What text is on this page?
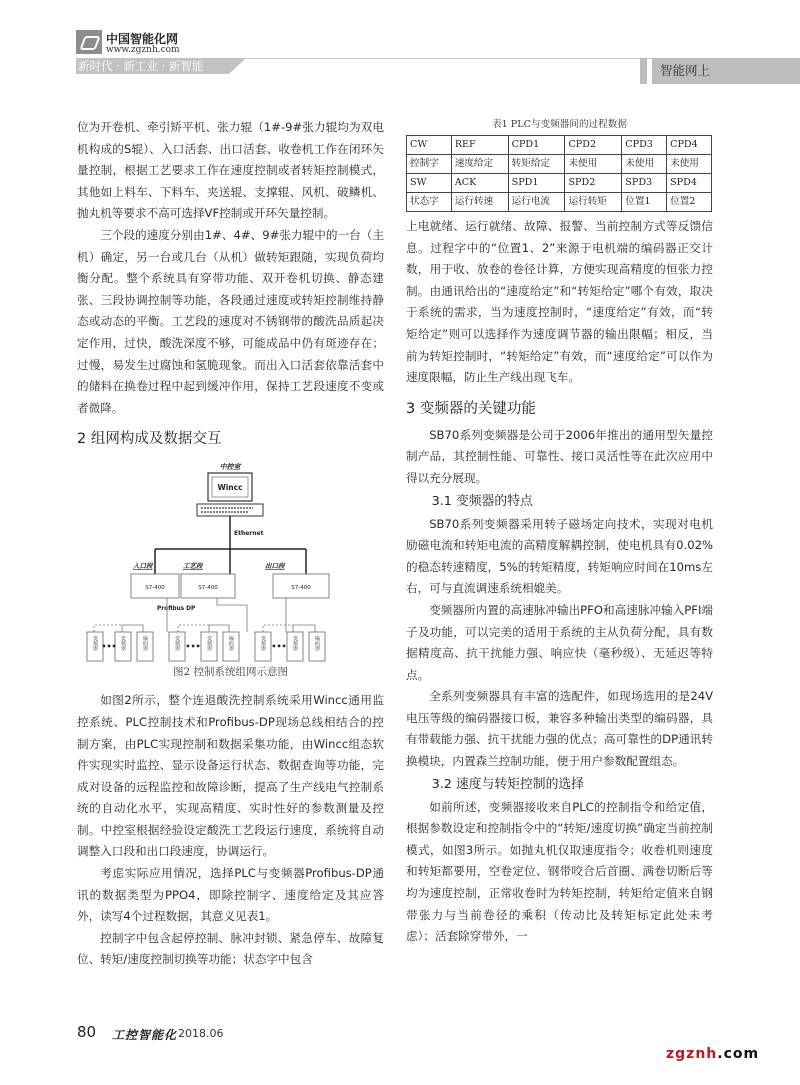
中国智能化网
www.zgznh.com
新时代 · 新工业 · 新智能	智能网上

位为开卷机、牵引矫平机、张力辊（1#-9#张力辊均为双电机构成的S辊）、入口活套、出口活套、收卷机工作在闭环矢量控制，根据工艺要求工作在速度控制或者转矩控制模式，其他如上料车、下料车、夹送辊、支撑辊、风机、破鳞机、抛丸机等要求不高可选择VF控制或开环矢量控制。

三个段的速度分别由1#、4#、9#张力辊中的一台（主机）确定，另一台或几台（从机）做转矩跟随，实现负荷均衡分配。整个系统具有穿带功能、双开卷机切换、静态建张、三段协调控制等功能，各段通过速度或转矩控制维持静态或动态的平衡。工艺段的速度对不锈钢带的酸洗品质起决定作用，过快，酸洗深度不够，可能成品中仍有斑迹存在；过慢，易发生过腐蚀和氢脆现象。而出入口活套依靠活套中的储料在换卷过程中起到缓冲作用，保持工艺段速度不变或者微降。

2 组网构成及数据交互
中控室
Wincc
Ethernet
入口段	工艺段	出口段
S7-400	S7-400	S7-400
Profibus DP
变频器	变频器	编码器	变频器	变频器	编码器	变频器	变频器	编码器
•••	•••	•••
图2 控制系统组网示意图

如图2所示，整个连退酸洗控制系统采用Wincc通用监控系统、PLC控制技术和Profibus-DP现场总线相结合的控制方案，由PLC实现控制和数据采集功能，由Wincc组态软件实现实时监控、显示设备运行状态、数据查询等功能，完成对设备的远程监控和故障诊断，提高了生产线电气控制系统的自动化水平，实现高精度、实时性好的参数测量及控制。中控室根据经验设定酸洗工艺段运行速度，系统将自动调整入口段和出口段速度，协调运行。

考虑实际应用情况，选择PLC与变频器Profibus-DP通讯的数据类型为PPO4，即除控制字、速度给定及其应答外，读写4个过程数据，其意义见表1。

控制字中包含起停控制、脉冲封锁、紧急停车、故障复位、转矩/速度控制切换等功能；状态字中包含

表1 PLC与变频器间的过程数据
CW	REF	CPD1	CPD2	CPD3	CPD4
控制字	速度给定	转矩给定	未使用	未使用	未使用
SW	ACK	SPD1	SPD2	SPD3	SPD4
状态字	运行转速	运行电流	运行转矩	位置1	位置2

上电就绪、运行就绪、故障、报警、当前控制方式等反馈信息。过程字中的“位置1、2”来源于电机端的编码器正交计数，用于收、放卷的卷径计算，方便实现高精度的恒张力控制。由通讯给出的“速度给定”和“转矩给定”哪个有效，取决于系统的需求，当为速度控制时，“速度给定”有效，而“转矩给定”则可以选择作为速度调节器的输出限幅；相反，当前为转矩控制时，“转矩给定”有效，而“速度给定”可以作为速度限幅，防止生产线出现飞车。

3 变频器的关键功能

SB70系列变频器是公司于2006年推出的通用型矢量控制产品，其控制性能、可靠性、接口灵活性等在此次应用中得以充分展现。

3.1 变频器的特点

SB70系列变频器采用转子磁场定向技术，实现对电机励磁电流和转矩电流的高精度解耦控制，使电机具有0.02%的稳态转速精度，5%的转矩精度，转矩响应时间在10ms左右，可与直流调速系统相媲美。

变频器所内置的高速脉冲输出PFO和高速脉冲输入PFI端子及功能，可以完美的适用于系统的主从负荷分配，具有数据精度高、抗干扰能力强、响应快（毫秒级）、无延迟等特点。

全系列变频器具有丰富的选配件，如现场选用的是24V电压等级的编码器接口板，兼容多种输出类型的编码器，具有带载能力强、抗干扰能力强的优点；高可靠性的DP通讯转换模块，内置森兰控制功能，便于用户参数配置组态。

3.2 速度与转矩控制的选择

如前所述，变频器接收来自PLC的控制指令和给定值，根据参数设定和控制指令中的“转矩/速度切换”确定当前控制模式，如图3所示。如抛丸机仅取速度指令；收卷机则速度和转矩都要用，空卷定位、钢带咬合后首圈、满卷切断后等均为速度控制，正常收卷时为转矩控制，转矩给定值来自钢带张力与当前卷径的乘积（传动比及转矩标定此处未考虑）；活套除穿带外，一

80 工控智能化 2018.06
zgznh.com
